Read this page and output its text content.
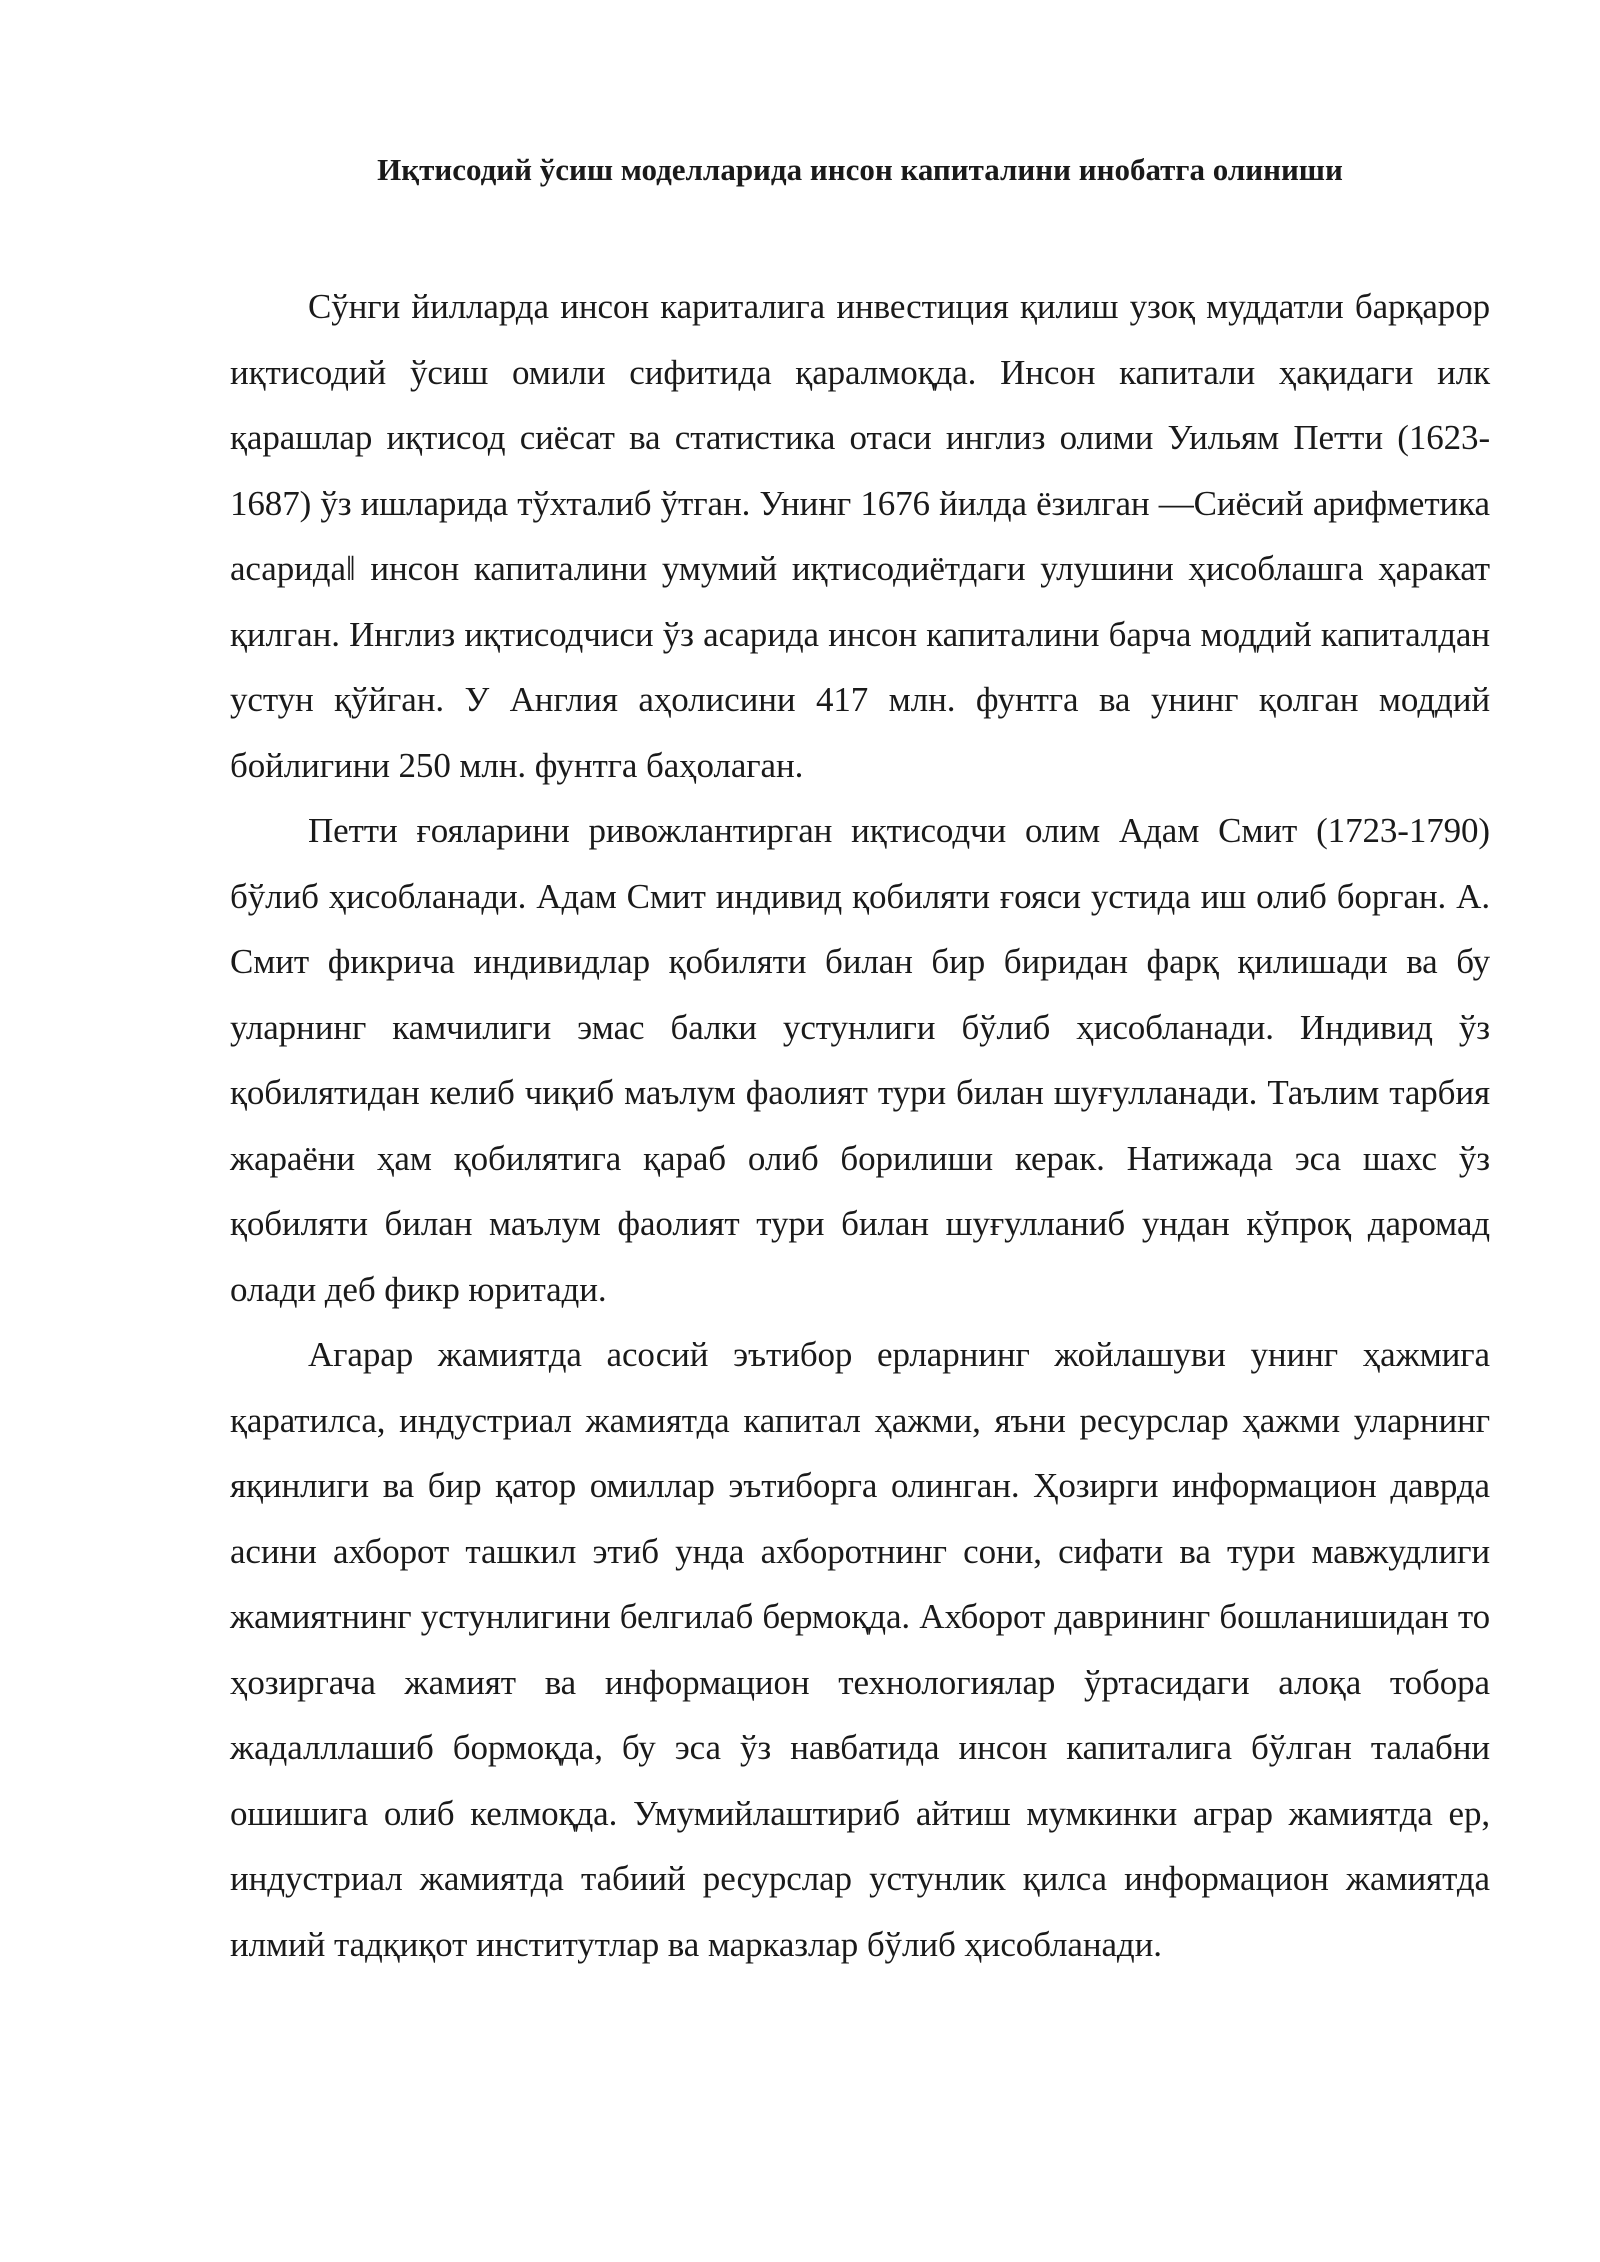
Иқтисодий ўсиш моделларида инсон капиталини инобатга олиниши

Сўнги йилларда инсон кариталига инвестиция қилиш узоқ муддатли барқарор иқтисодий ўсиш омили сифитида қаралмоқда. Инсон капитали ҳақидаги илк қарашлар иқтисод сиёсат ва статистика отаси инглиз олими Уильям Петти (1623-1687) ўз ишларида тўхталиб ўтган. Унинг 1676 йилда ёзилган ―Сиёсий арифметика асарида‖ инсон капиталини умумий иқтисодиётдаги улушини ҳисоблашга ҳаракат қилган. Инглиз иқтисодчиси ўз асарида инсон капиталини барча моддий капиталдан устун қўйган. У Англия аҳолисини 417 млн. фунтга ва унинг қолган моддий бойлигини 250 млн. фунтга баҳолаган.

Петти ғояларини ривожлантирган иқтисодчи олим Адам Смит (1723-1790) бўлиб ҳисобланади. Адам Смит индивид қобиляти ғояси устида иш олиб борган. А. Смит фикрича индивидлар қобиляти билан бир биридан фарқ қилишади ва бу уларнинг камчилиги эмас балки устунлиги бўлиб ҳисобланади. Индивид ўз қобилятидан келиб чиқиб маълум фаолият тури билан шуғулланади. Таълим тарбия жараёни ҳам қобилятига қараб олиб борилиши керак. Натижада эса шахс ўз қобиляти билан маълум фаолият тури билан шуғулланиб ундан кўпроқ даромад олади деб фикр юритади.

Агарар жамиятда асосий эътибор ерларнинг жойлашуви унинг ҳажмига қаратилса, индустриал жамиятда капитал ҳажми, яъни ресурслар ҳажми уларнинг яқинлиги ва бир қатор омиллар эътиборга олинган. Ҳозирги информацион даврда асини ахборот ташкил этиб унда ахборотнинг сони, сифати ва тури мавжудлиги жамиятнинг устунлигини белгилаб бермоқда. Ахборот даврининг бошланишидан то ҳозиргача жамият ва информацион технологиялар ўртасидаги алоқа тобора жадалллашиб бормоқда, бу эса ўз навбатида инсон капиталига бўлган талабни ошишига олиб келмоқда. Умумийлаштириб айтиш мумкинки аграр жамиятда ер, индустриал жамиятда табиий ресурслар устунлик қилса информацион жамиятда илмий тадқиқот институтлар ва марказлар бўлиб ҳисобланади.
